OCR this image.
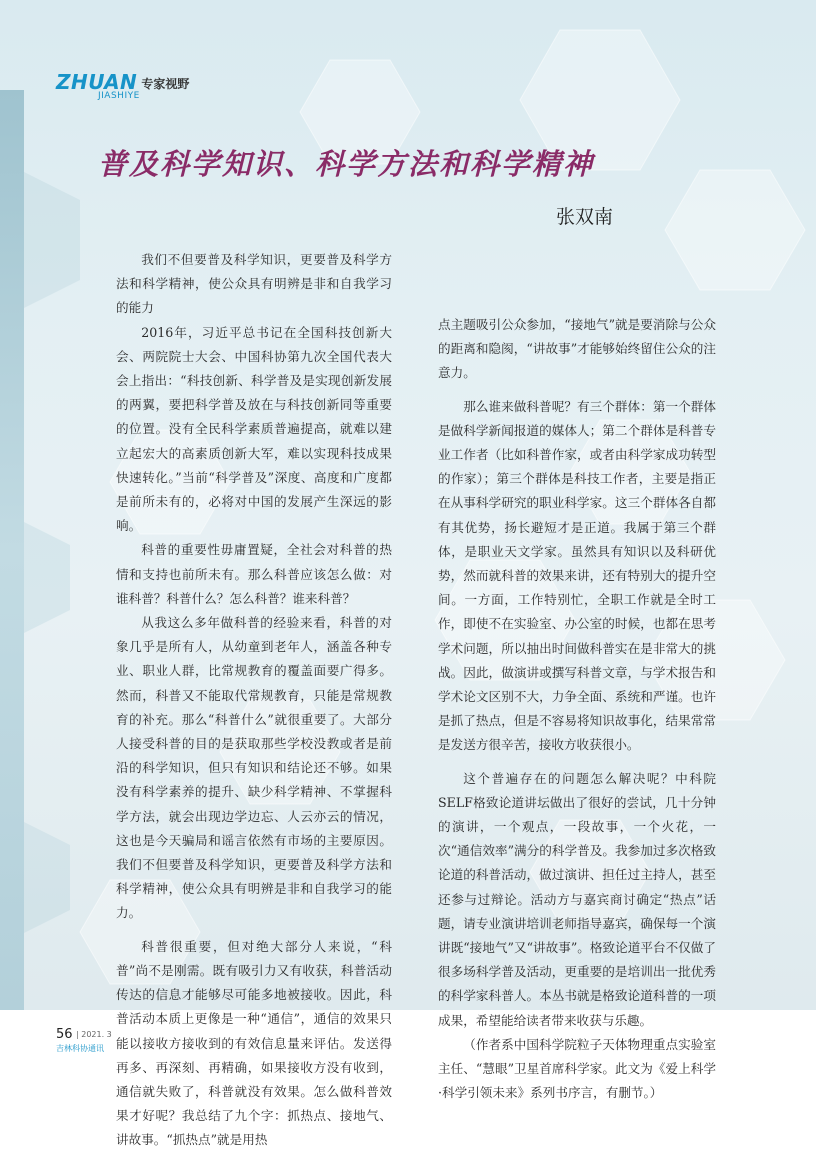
ZHUAN 专家视野
JIASHIYE
普及科学知识、科学方法和科学精神
张双南

我们不但要普及科学知识，更要普及科学方法和科学精神，使公众具有明辨是非和自我学习的能力

2016年，习近平总书记在全国科技创新大会、两院院士大会、中国科协第九次全国代表大会上指出：“科技创新、科学普及是实现创新发展的两翼，要把科学普及放在与科技创新同等重要的位置。没有全民科学素质普遍提高，就难以建立起宏大的高素质创新大军，难以实现科技成果快速转化。”当前“科学普及”深度、高度和广度都是前所未有的，必将对中国的发展产生深远的影响。

科普的重要性毋庸置疑，全社会对科普的热情和支持也前所未有。那么科普应该怎么做：对谁科普？科普什么？怎么科普？谁来科普？

从我这么多年做科普的经验来看，科普的对象几乎是所有人，从幼童到老年人，涵盖各种专业、职业人群，比常规教育的覆盖面要广得多。然而，科普又不能取代常规教育，只能是常规教育的补充。那么“科普什么”就很重要了。大部分人接受科普的目的是获取那些学校没教或者是前沿的科学知识，但只有知识和结论还不够。如果没有科学素养的提升、缺少科学精神、不掌握科学方法，就会出现边学边忘、人云亦云的情况，这也是今天骗局和谣言依然有市场的主要原因。我们不但要普及科学知识，更要普及科学方法和科学精神，使公众具有明辨是非和自我学习的能力。

科普很重要，但对绝大部分人来说，“科普”尚不是刚需。既有吸引力又有收获，科普活动传达的信息才能够尽可能多地被接收。因此，科普活动本质上更像是一种“通信”，通信的效果只能以接收方接收到的有效信息量来评估。发送得再多、再深刻、再精确，如果接收方没有收到，通信就失败了，科普就没有效果。怎么做科普效果才好呢？我总结了九个字：抓热点、接地气、讲故事。“抓热点”就是用热

点主题吸引公众参加，“接地气”就是要消除与公众的距离和隐阂，“讲故事”才能够始终留住公众的注意力。

那么谁来做科普呢？有三个群体：第一个群体是做科学新闻报道的媒体人；第二个群体是科普专业工作者（比如科普作家，或者由科学家成功转型的作家）；第三个群体是科技工作者，主要是指正在从事科学研究的职业科学家。这三个群体各自都有其优势，扬长避短才是正道。我属于第三个群体，是职业天文学家。虽然具有知识以及科研优势，然而就科普的效果来讲，还有特别大的提升空间。一方面，工作特别忙，全职工作就是全时工作，即使不在实验室、办公室的时候，也都在思考学术问题，所以抽出时间做科普实在是非常大的挑战。因此，做演讲或撰写科普文章，与学术报告和学术论文区别不大，力争全面、系统和严谨。也许是抓了热点，但是不容易将知识故事化，结果常常是发送方很辛苦，接收方收获很小。

这个普遍存在的问题怎么解决呢？中科院SELF格致论道讲坛做出了很好的尝试，几十分钟的演讲，一个观点，一段故事，一个火花，一次“通信效率”满分的科学普及。我参加过多次格致论道的科普活动，做过演讲、担任过主持人，甚至还参与过辩论。活动方与嘉宾商讨确定“热点”话题，请专业演讲培训老师指导嘉宾，确保每一个演讲既“接地气”又“讲故事”。格致论道平台不仅做了很多场科学普及活动，更重要的是培训出一批优秀的科学家科普人。本丛书就是格致论道科普的一项成果，希望能给读者带来收获与乐趣。

（作者系中国科学院粒子天体物理重点实验室主任、“慧眼”卫星首席科学家。此文为《爱上科学·科学引领未来》系列书序言，有删节。）

56 | 2021. 3
吉林科协通讯
